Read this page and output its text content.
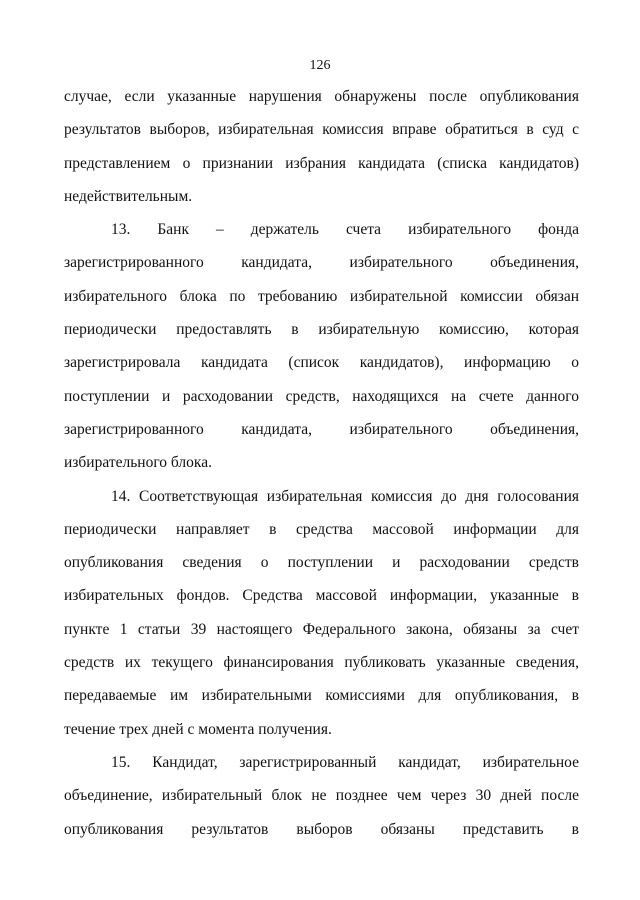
126
случае, если указанные нарушения обнаружены после опубликования
результатов выборов, избирательная комиссия вправе обратиться в суд с
представлением о признании избрания кандидата (списка кандидатов)
недействительным.
13. Банк – держатель счета избирательного фонда
зарегистрированного кандидата, избирательного объединения,
избирательного блока по требованию избирательной комиссии обязан
периодически предоставлять в избирательную комиссию, которая
зарегистрировала кандидата (список кандидатов), информацию о
поступлении и расходовании средств, находящихся на счете данного
зарегистрированного кандидата, избирательного объединения,
избирательного блока.
14. Соответствующая избирательная комиссия до дня голосования
периодически направляет в средства массовой информации для
опубликования сведения о поступлении и расходовании средств
избирательных фондов. Средства массовой информации, указанные в
пункте 1 статьи 39 настоящего Федерального закона, обязаны за счет
средств их текущего финансирования публиковать указанные сведения,
передаваемые им избирательными комиссиями для опубликования, в
течение трех дней с момента получения.
15. Кандидат, зарегистрированный кандидат, избирательное
объединение, избирательный блок не позднее чем через 30 дней после
опубликования результатов выборов обязаны представить в
